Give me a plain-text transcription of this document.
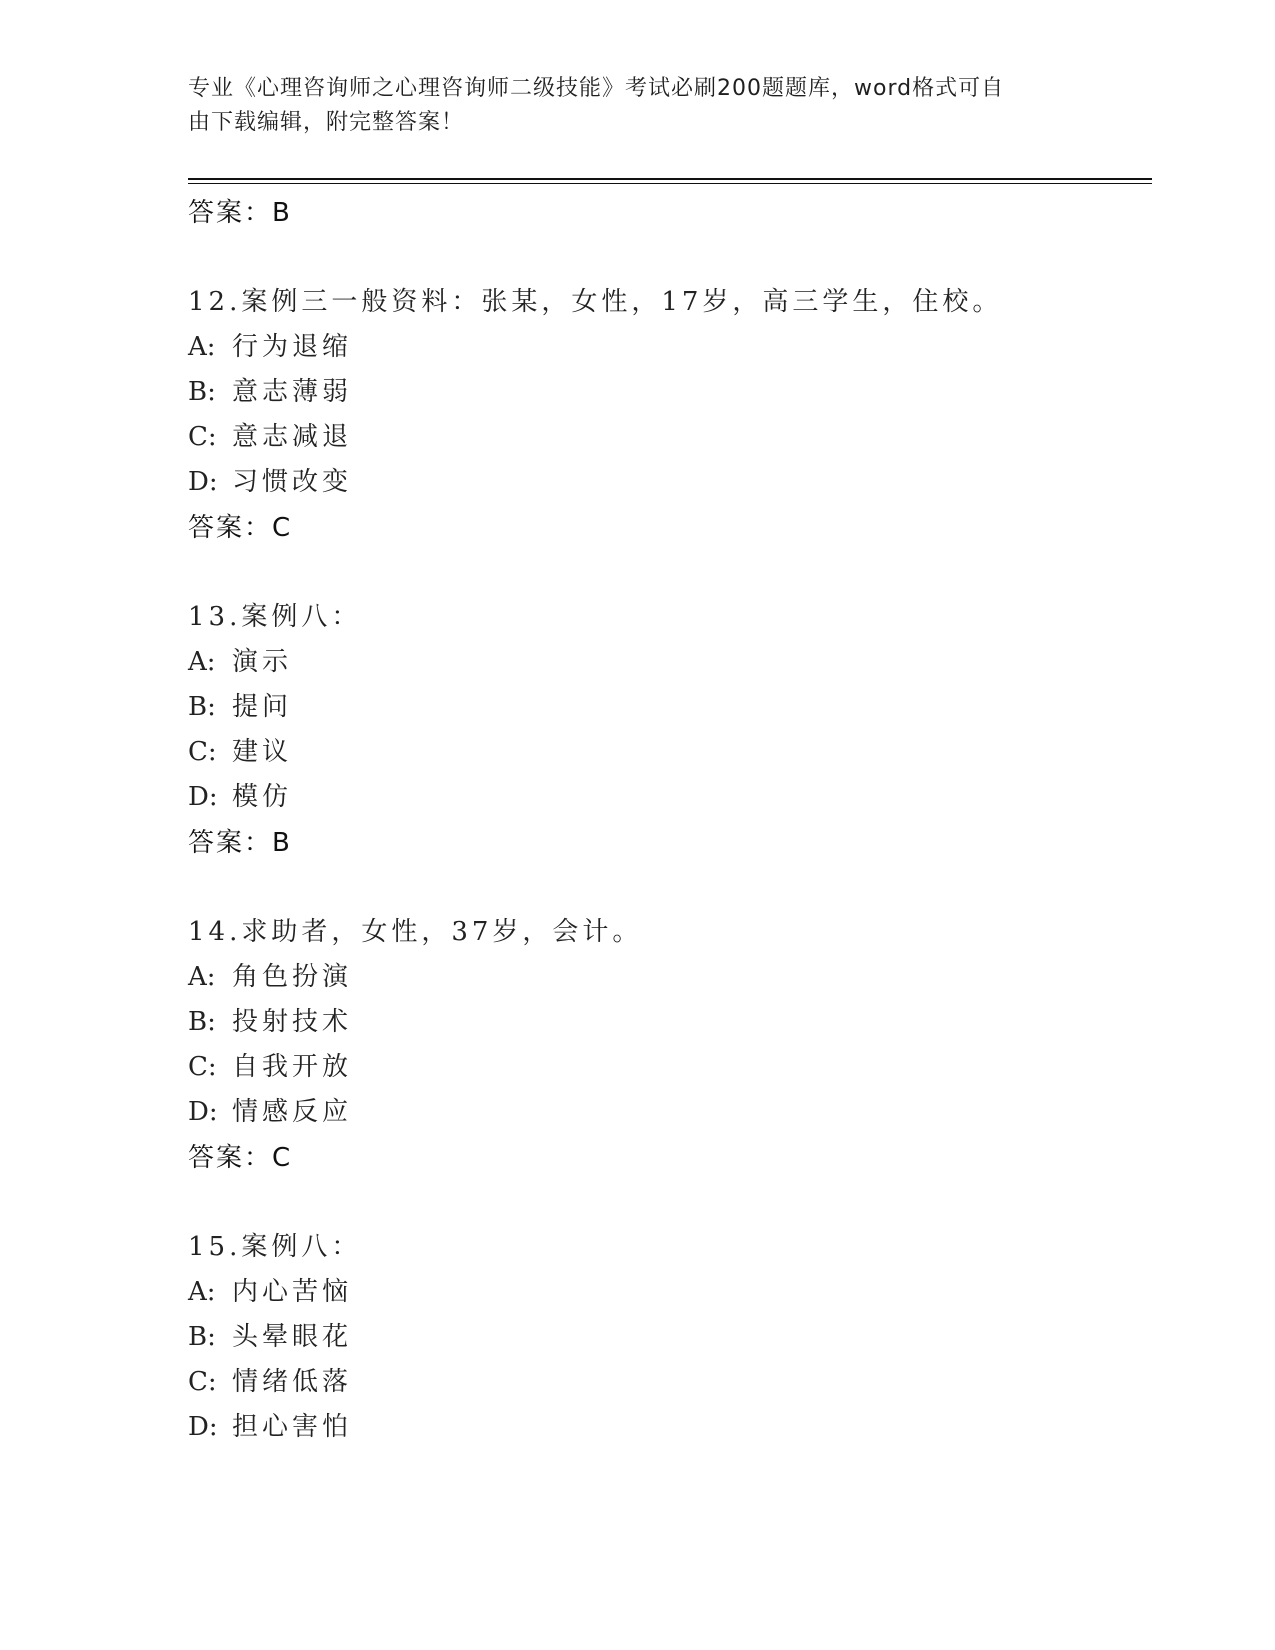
专业《心理咨询师之心理咨询师二级技能》考试必刷200题题库，word格式可自
由下载编辑，附完整答案！
答案：B
12.案例三一般资料：张某，女性，17岁，高三学生，住校。
A: 行为退缩
B: 意志薄弱
C: 意志减退
D: 习惯改变
答案：C
13.案例八：
A: 演示
B: 提问
C: 建议
D: 模仿
答案：B
14.求助者，女性，37岁，会计。
A: 角色扮演
B: 投射技术
C: 自我开放
D: 情感反应
答案：C
15.案例八：
A: 内心苦恼
B: 头晕眼花
C: 情绪低落
D: 担心害怕
